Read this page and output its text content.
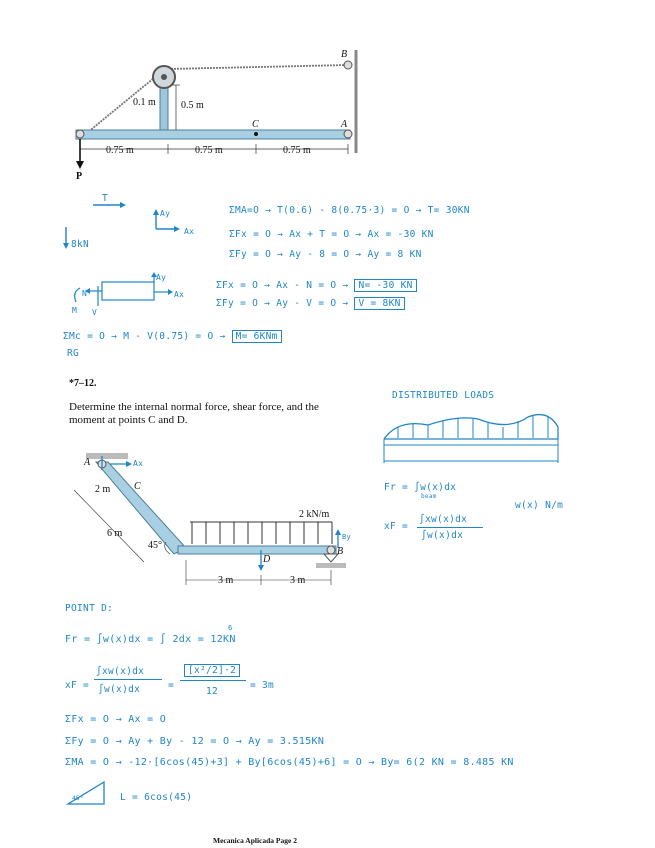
B
A
C
P
0.1 m	0.5 m
0.75 m	0.75 m	0.75 m
T
Ay
Ax
8kN
ΣMA=O → T(0.6) - 8(0.75·3) = O → T= 30KN
ΣFx = O → Ax + T = O → Ax = -30 KN
ΣFy = O → Ay - 8 = O → Ay = 8 KN
Ay
Ax
M V
N
ΣFx = O → Ax - N = O → N= -30 KN
ΣFy = O → Ay - V = O → V = 8KN
ΣMc = O → M - V(0.75) = O → M= 6KNm
RG
*7–12.
Determine the internal normal force, shear force, and the
moment at points C and D.
DISTRIBUTED LOADS
Fr = ∫w(x)dx
beam
w(x) N/m
xF =
∫xw(x)dx
∫w(x)dx
A	Ax
C
2 m
6 m
45°
2 kN/m
By
B
D
3 m	3 m
POINT D:
Fr = ∫w(x)dx = ∫ 2dx = 12KN
6
xF =
∫xw(x)dx
∫w(x)dx	=
[x²/2]·2
12
= 3m
ΣFx = O → Ax = O
ΣFy = O → Ay + By - 12 = O → Ay = 3.515KN
ΣMA = O → -12·[6cos(45)+3] + By[6cos(45)+6] = O → By= 6(2 KN = 8.485 KN
45°	L = 6cos(45)
Mecanica Aplicada Page 2
